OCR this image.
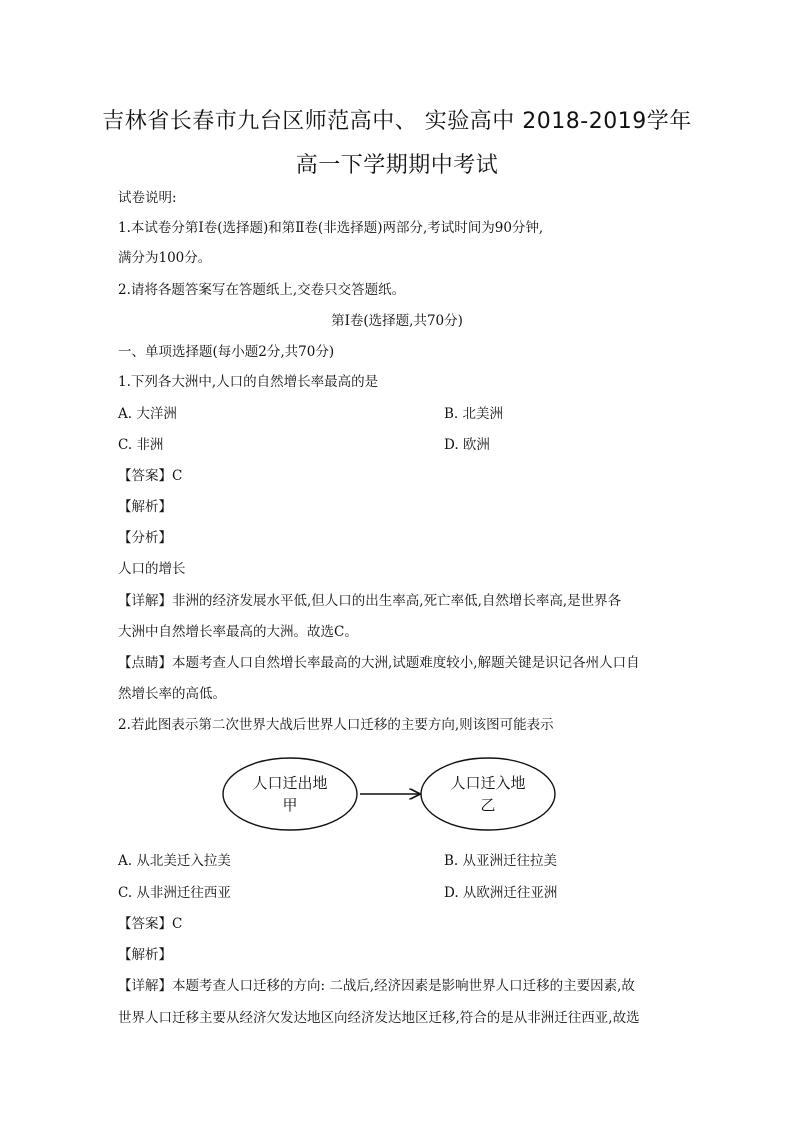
吉林省长春市九台区师范高中、 实验高中 2018-2019学年
高一下学期期中考试
试卷说明:
1.本试卷分第Ⅰ卷(选择题)和第Ⅱ卷(非选择题)两部分,考试时间为90分钟,
满分为100分。
2.请将各题答案写在答题纸上,交卷只交答题纸。
第Ⅰ卷(选择题,共70分)
一、单项选择题(每小题2分,共70分)
1.下列各大洲中,人口的自然增长率最高的是
A. 大洋洲	B. 北美洲
C. 非洲	D. 欧洲
【答案】C
【解析】
【分析】
人口的增长
【详解】非洲的经济发展水平低,但人口的出生率高,死亡率低,自然增长率高,是世界各
大洲中自然增长率最高的大洲。故选C。
【点睛】本题考查人口自然增长率最高的大洲,试题难度较小,解题关键是识记各州人口自
然增长率的高低。
2.若此图表示第二次世界大战后世界人口迁移的主要方向,则该图可能表示
人口迁出地
甲
人口迁入地
乙
A. 从北美迁入拉美	B. 从亚洲迁往拉美
C. 从非洲迁往西亚	D. 从欧洲迁往亚洲
【答案】C
【解析】
【详解】本题考查人口迁移的方向: 二战后,经济因素是影响世界人口迁移的主要因素,故
世界人口迁移主要从经济欠发达地区向经济发达地区迁移,符合的是从非洲迁往西亚,故选
